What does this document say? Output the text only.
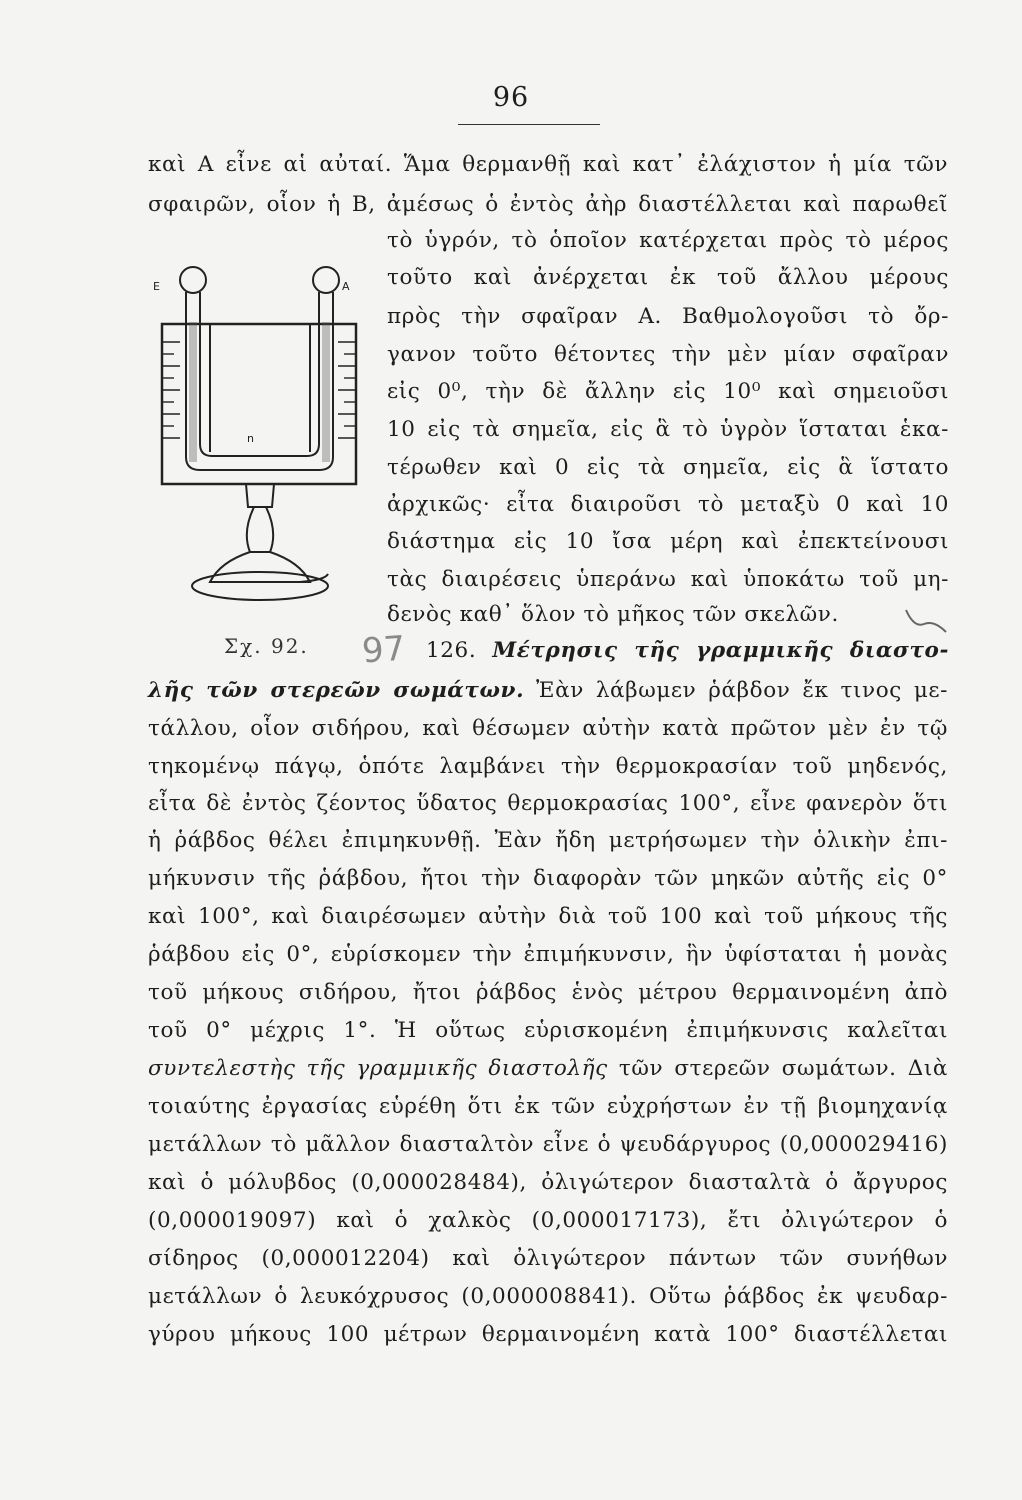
96
καὶ Α εἶνε αἱ αὐταί. Ἅμα θερμανθῇ καὶ κατ᾽ ἐλάχιστον ἡ μία τῶν
σφαιρῶν, οἷον ἡ Β, ἀμέσως ὁ ἐντὸς ἀὴρ διαστέλλεται καὶ παρωθεῖ
τὸ ὑγρόν, τὸ ὁποῖον κατέρχεται πρὸς τὸ μέρος
τοῦτο καὶ ἀνέρχεται ἐκ τοῦ ἄλλου μέρους
πρὸς τὴν σφαῖραν Α. Βαθμολογοῦσι τὸ ὄρ-
γανον τοῦτο θέτοντες τὴν μὲν μίαν σφαῖραν
εἰς 0⁰, τὴν δὲ ἄλλην εἰς 10⁰ καὶ σημειοῦσι
10 εἰς τὰ σημεῖα, εἰς ἃ τὸ ὑγρὸν ἵσταται ἑκα-
τέρωθεν καὶ 0 εἰς τὰ σημεῖα, εἰς ἃ ἵστατο
ἀρχικῶς· εἶτα διαιροῦσι τὸ μεταξὺ 0 καὶ 10
διάστημα εἰς 10 ἴσα μέρη καὶ ἐπεκτείνουσι
τὰς διαιρέσεις ὑπεράνω καὶ ὑποκάτω τοῦ μη-
δενὸς καθ᾽ ὅλον τὸ μῆκος τῶν σκελῶν.
Ε	Α
n
Σχ. 92. 97 126. Μέτρησις τῆς γραμμικῆς διαστο-
λῆς τῶν στερεῶν σωμάτων. Ἐὰν λάβωμεν ῥάβδον ἔκ τινος με-
τάλλου, οἷον σιδήρου, καὶ θέσωμεν αὐτὴν κατὰ πρῶτον μὲν ἐν τῷ
τηκομένῳ πάγῳ, ὁπότε λαμβάνει τὴν θερμοκρασίαν τοῦ μηδενός,
εἶτα δὲ ἐντὸς ζέοντος ὕδατος θερμοκρασίας 100°, εἶνε φανερὸν ὅτι
ἡ ῥάβδος θέλει ἐπιμηκυνθῇ. Ἐὰν ἤδη μετρήσωμεν τὴν ὁλικὴν ἐπι-
μήκυνσιν τῆς ῥάβδου, ἤτοι τὴν διαφορὰν τῶν μηκῶν αὐτῆς εἰς 0°
καὶ 100°, καὶ διαιρέσωμεν αὐτὴν διὰ τοῦ 100 καὶ τοῦ μήκους τῆς
ῥάβδου εἰς 0°, εὑρίσκομεν τὴν ἐπιμήκυνσιν, ἣν ὑφίσταται ἡ μονὰς
τοῦ μήκους σιδήρου, ἤτοι ῥάβδος ἑνὸς μέτρου θερμαινομένη ἀπὸ
τοῦ 0° μέχρις 1°. Ἡ οὕτως εὑρισκομένη ἐπιμήκυνσις καλεῖται
συντελεστὴς τῆς γραμμικῆς διαστολῆς τῶν στερεῶν σωμάτων. Διὰ
τοιαύτης ἐργασίας εὑρέθη ὅτι ἐκ τῶν εὐχρήστων ἐν τῇ βιομηχανίᾳ
μετάλλων τὸ μᾶλλον διασταλτὸν εἶνε ὁ ψευδάργυρος (0,000029416)
καὶ ὁ μόλυβδος (0,000028484), ὀλιγώτερον διασταλτὰ ὁ ἄργυρος
(0,000019097) καὶ ὁ χαλκὸς (0,000017173), ἔτι ὀλιγώτερον ὁ
σίδηρος (0,000012204) καὶ ὀλιγώτερον πάντων τῶν συνήθων
μετάλλων ὁ λευκόχρυσος (0,000008841). Οὕτω ῥάβδος ἐκ ψευδαρ-
γύρου μήκους 100 μέτρων θερμαινομένη κατὰ 100° διαστέλλεται
